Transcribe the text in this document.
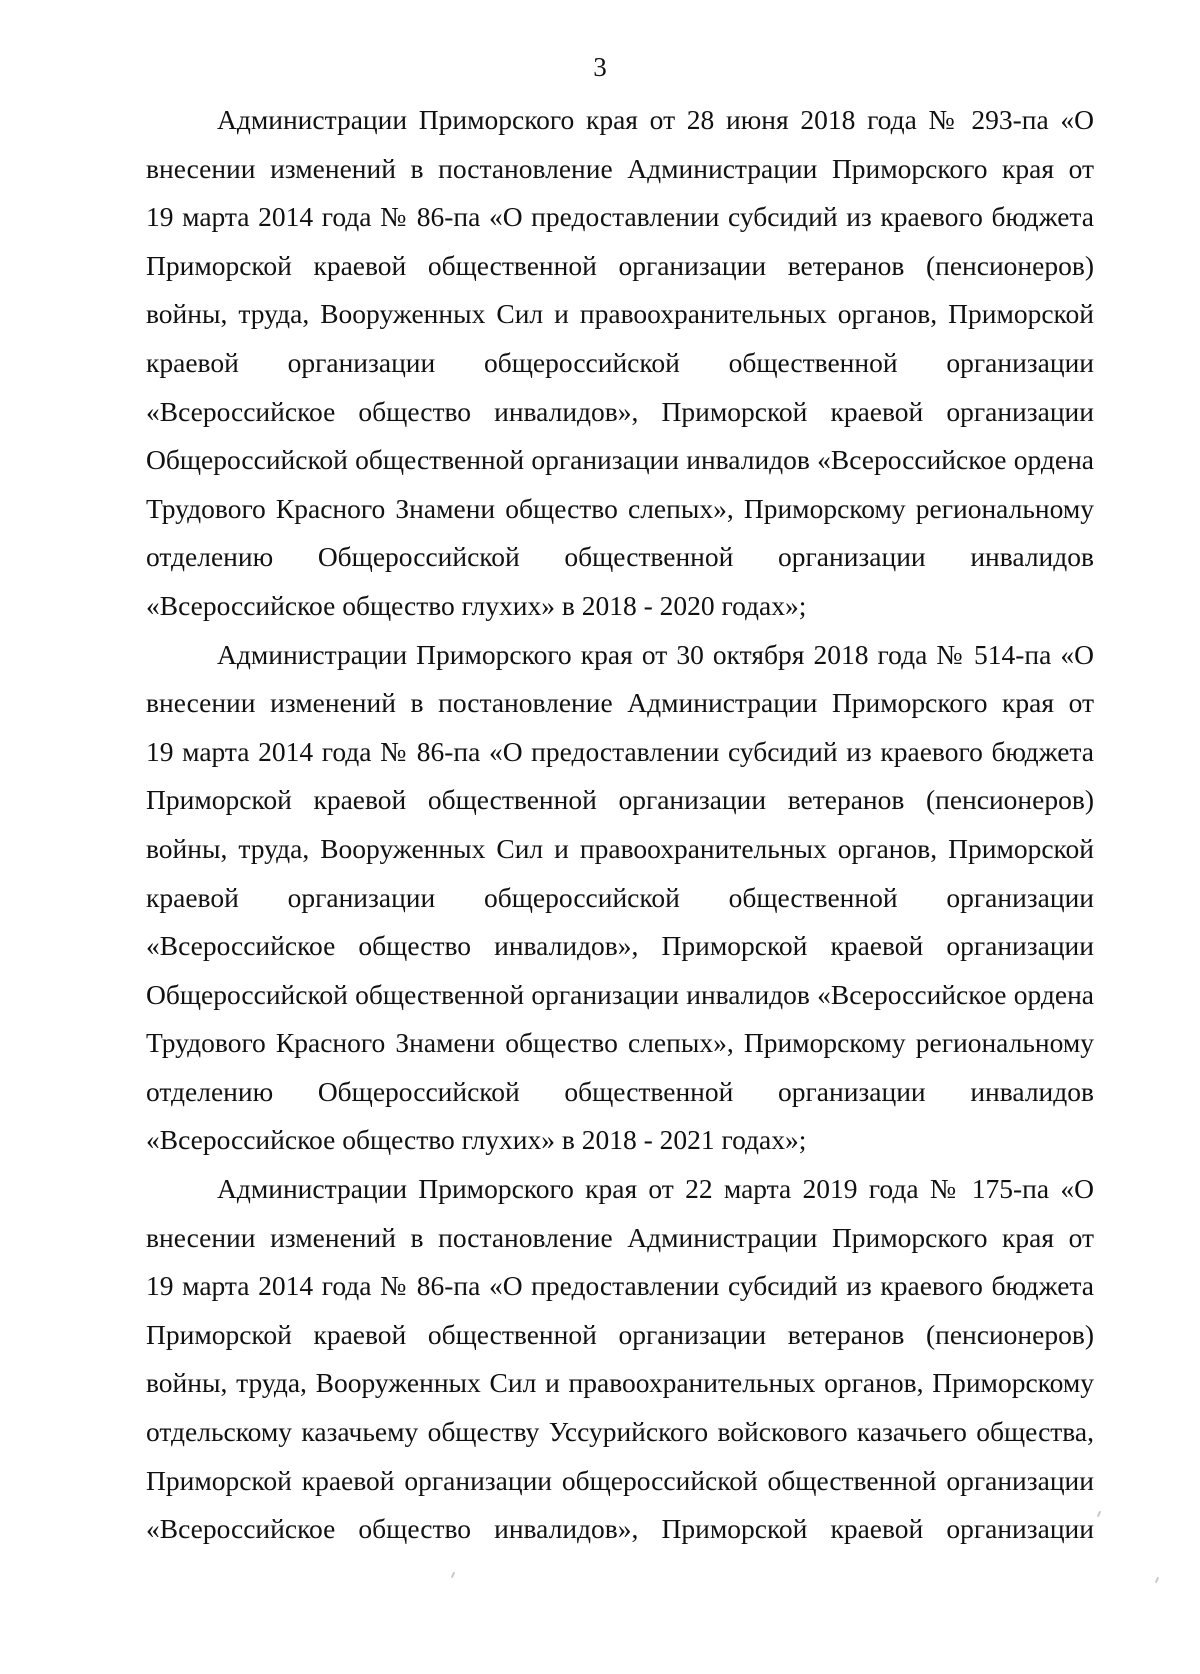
3

Администрации Приморского края от 28 июня 2018 года № 293-па «О
внесении изменений в постановление Администрации Приморского края от
19 марта 2014 года № 86-па «О предоставлении субсидий из краевого бюджета
Приморской краевой общественной организации ветеранов (пенсионеров)
войны, труда, Вооруженных Сил и правоохранительных органов, Приморской
краевой организации общероссийской общественной организации
«Всероссийское общество инвалидов», Приморской краевой организации
Общероссийской общественной организации инвалидов «Всероссийское ордена
Трудового Красного Знамени общество слепых», Приморскому региональному
отделению Общероссийской общественной организации инвалидов
«Всероссийское общество глухих» в 2018 - 2020 годах»;

Администрации Приморского края от 30 октября 2018 года № 514-па «О
внесении изменений в постановление Администрации Приморского края от
19 марта 2014 года № 86-па «О предоставлении субсидий из краевого бюджета
Приморской краевой общественной организации ветеранов (пенсионеров)
войны, труда, Вооруженных Сил и правоохранительных органов, Приморской
краевой организации общероссийской общественной организации
«Всероссийское общество инвалидов», Приморской краевой организации
Общероссийской общественной организации инвалидов «Всероссийское ордена
Трудового Красного Знамени общество слепых», Приморскому региональному
отделению Общероссийской общественной организации инвалидов
«Всероссийское общество глухих» в 2018 - 2021 годах»;

Администрации Приморского края от 22 марта 2019 года № 175-па «О
внесении изменений в постановление Администрации Приморского края от
19 марта 2014 года № 86-па «О предоставлении субсидий из краевого бюджета
Приморской краевой общественной организации ветеранов (пенсионеров)
войны, труда, Вооруженных Сил и правоохранительных органов, Приморскому
отдельскому казачьему обществу Уссурийского войскового казачьего общества,
Приморской краевой организации общероссийской общественной организации
«Всероссийское общество инвалидов», Приморской краевой организации
